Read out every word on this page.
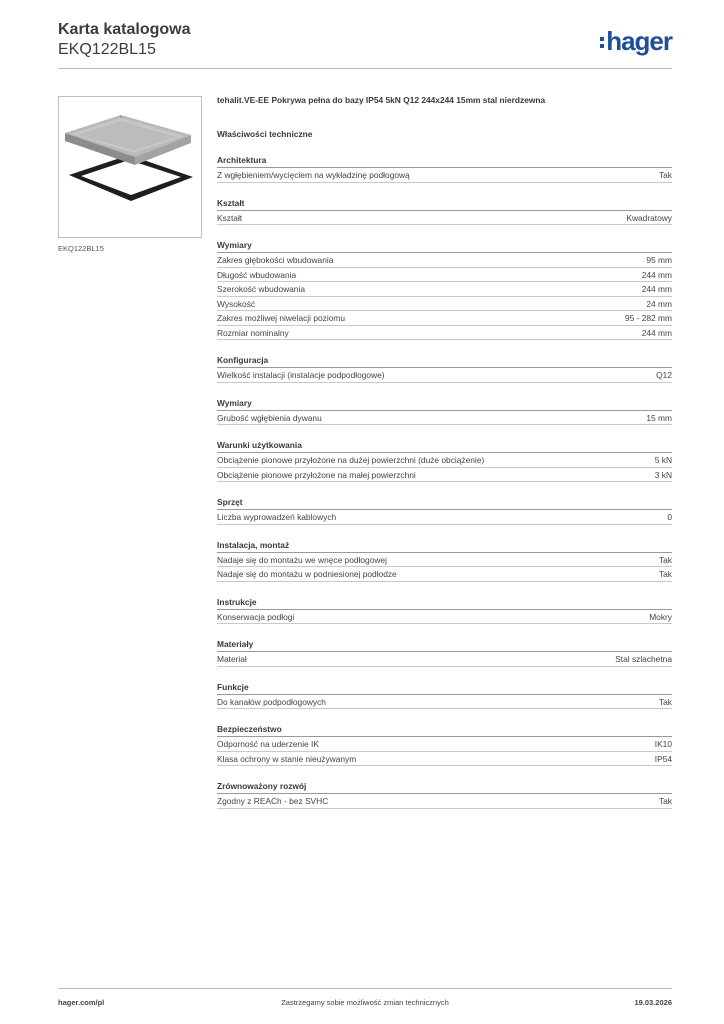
Karta katalogowa
EKQ122BL15	hager
EKQ122BL15
tehalit.VE-EE Pokrywa pełna do bazy IP54 5kN Q12 244x244 15mm stal nierdzewna
Właściwości techniczne
Architektura
Z wgłębieniem/wycięciem na wykładzinę podłogową	Tak
Kształt
Kształt	Kwadratowy
Wymiary
Zakres głębokości wbudowania	95 mm
Długość wbudowania	244 mm
Szerokość wbudowania	244 mm
Wysokość	24 mm
Zakres możliwej niwelacji poziomu	95 - 282 mm
Rozmiar nominalny	244 mm
Konfiguracja
Wielkość instalacji (instalacje podpodłogowe)	Q12
Wymiary
Grubość wgłębienia dywanu	15 mm
Warunki użytkowania
Obciążenie pionowe przyłożone na dużej powierzchni (duże obciążenie)	5 kN
Obciążenie pionowe przyłożone na małej powierzchni	3 kN
Sprzęt
Liczba wyprowadzeń kablowych	0
Instalacja, montaż
Nadaje się do montażu we wnęce podłogowej	Tak
Nadaje się do montażu w podniesionej podłodze	Tak
Instrukcje
Konserwacja podłogi	Mokry
Materiały
Materiał	Stal szlachetna
Funkcje
Do kanałów podpodłogowych	Tak
Bezpieczeństwo
Odporność na uderzenie IK	IK10
Klasa ochrony w stanie nieużywanym	IP54
Zrównoważony rozwój
Zgodny z REACh - bez SVHC	Tak
hager.com/pl	Zastrzegamy sobie możliwość zmian technicznych	19.03.2026
